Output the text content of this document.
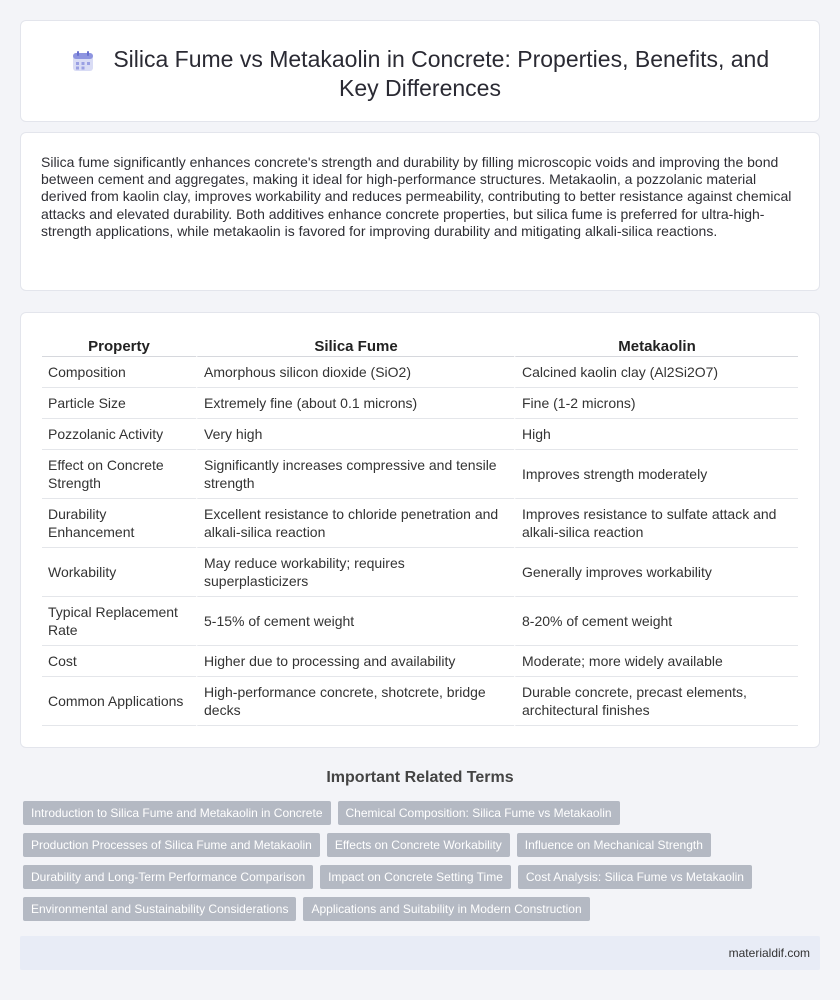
Silica Fume vs Metakaolin in Concrete: Properties, Benefits, and Key Differences

Silica fume significantly enhances concrete's strength and durability by filling microscopic voids and improving the bond between cement and aggregates, making it ideal for high-performance structures. Metakaolin, a pozzolanic material derived from kaolin clay, improves workability and reduces permeability, contributing to better resistance against chemical attacks and elevated durability. Both additives enhance concrete properties, but silica fume is preferred for ultra-high-strength applications, while metakaolin is favored for improving durability and mitigating alkali-silica reactions.

Property	Silica Fume	Metakaolin
Composition	Amorphous silicon dioxide (SiO2)	Calcined kaolin clay (Al2Si2O7)
Particle Size	Extremely fine (about 0.1 microns)	Fine (1-2 microns)
Pozzolanic Activity	Very high	High
Effect on Concrete Strength	Significantly increases compressive and tensile strength	Improves strength moderately
Durability Enhancement	Excellent resistance to chloride penetration and alkali-silica reaction	Improves resistance to sulfate attack and alkali-silica reaction
Workability	May reduce workability; requires superplasticizers	Generally improves workability
Typical Replacement Rate	5-15% of cement weight	8-20% of cement weight
Cost	Higher due to processing and availability	Moderate; more widely available
Common Applications	High-performance concrete, shotcrete, bridge decks	Durable concrete, precast elements, architectural finishes
Important Related Terms
Introduction to Silica Fume and Metakaolin in Concrete	Chemical Composition: Silica Fume vs Metakaolin
Production Processes of Silica Fume and Metakaolin	Effects on Concrete Workability	Influence on Mechanical Strength
Durability and Long-Term Performance Comparison	Impact on Concrete Setting Time	Cost Analysis: Silica Fume vs Metakaolin
Environmental and Sustainability Considerations	Applications and Suitability in Modern Construction
materialdif.com
